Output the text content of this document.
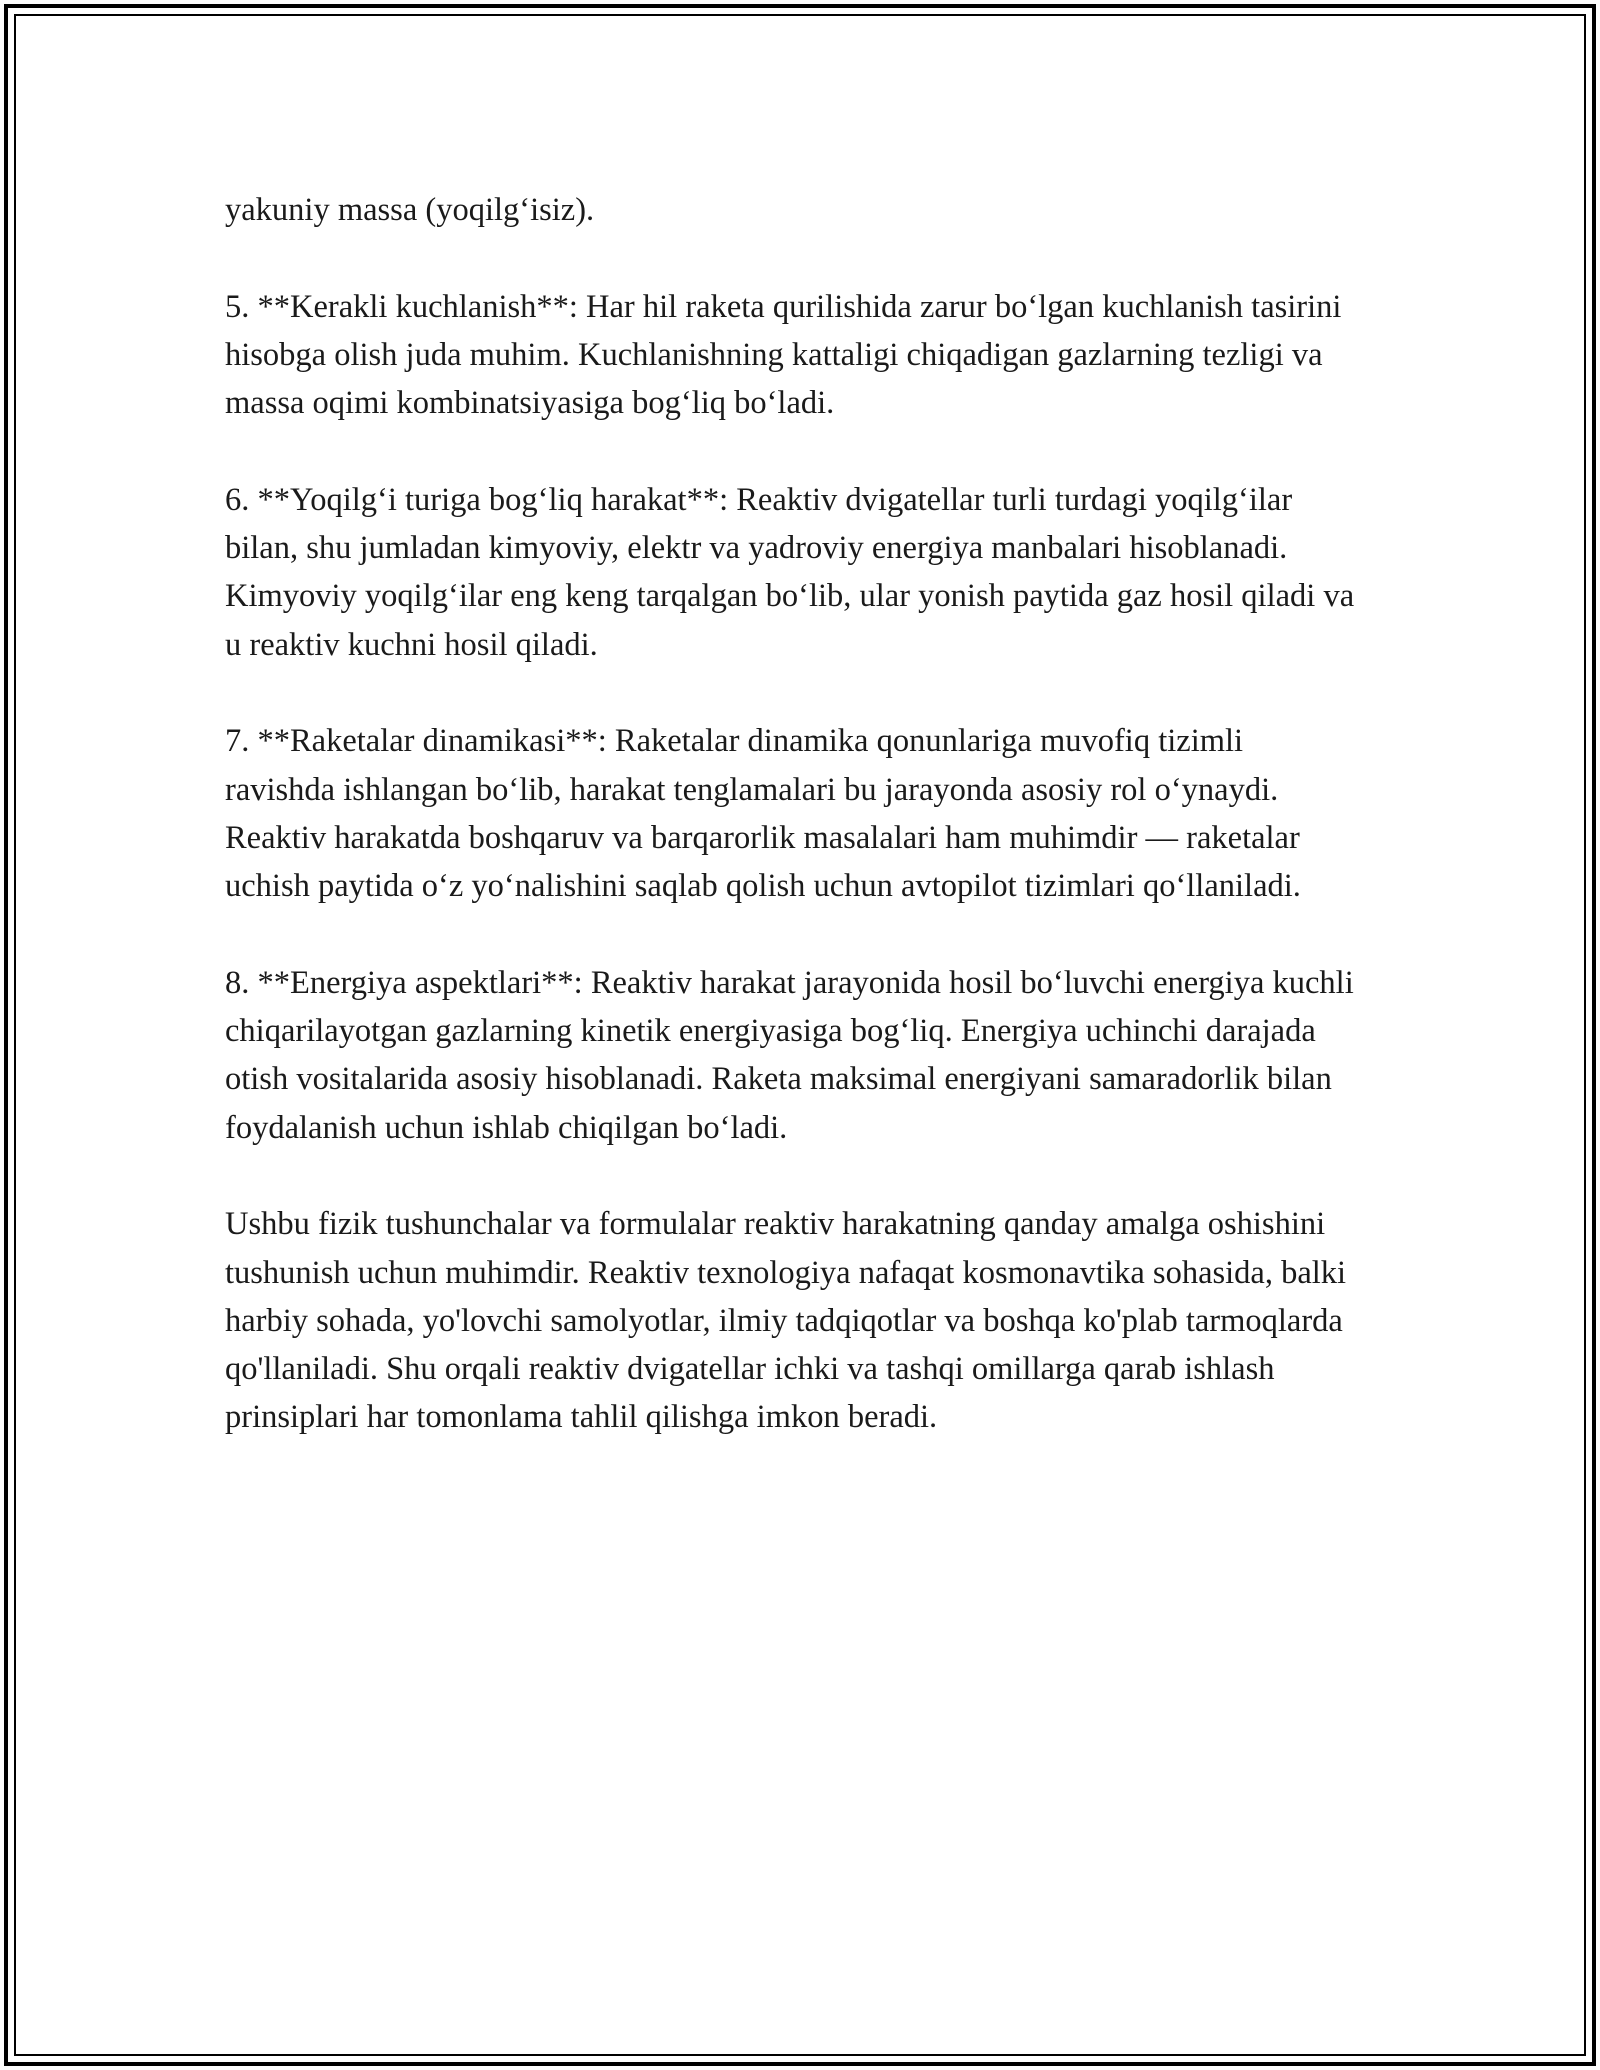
yakuniy massa (yoqilg‘isiz).

5. **Kerakli kuchlanish**: Har hil raketa qurilishida zarur bo‘lgan kuchlanish tasirini hisobga olish juda muhim. Kuchlanishning kattaligi chiqadigan gazlarning tezligi va massa oqimi kombinatsiyasiga bog‘liq bo‘ladi.

6. **Yoqilg‘i turiga bog‘liq harakat**: Reaktiv dvigatellar turli turdagi yoqilg‘ilar bilan, shu jumladan kimyoviy, elektr va yadroviy energiya manbalari hisoblanadi. Kimyoviy yoqilg‘ilar eng keng tarqalgan bo‘lib, ular yonish paytida gaz hosil qiladi va u reaktiv kuchni hosil qiladi.

7. **Raketalar dinamikasi**: Raketalar dinamika qonunlariga muvofiq tizimli ravishda ishlangan bo‘lib, harakat tenglamalari bu jarayonda asosiy rol o‘ynaydi. Reaktiv harakatda boshqaruv va barqarorlik masalalari ham muhimdir — raketalar uchish paytida o‘z yo‘nalishini saqlab qolish uchun avtopilot tizimlari qo‘llaniladi.

8. **Energiya aspektlari**: Reaktiv harakat jarayonida hosil bo‘luvchi energiya kuchli chiqarilayotgan gazlarning kinetik energiyasiga bog‘liq. Energiya uchinchi darajada otish vositalarida asosiy hisoblanadi. Raketa maksimal energiyani samaradorlik bilan foydalanish uchun ishlab chiqilgan bo‘ladi.

Ushbu fizik tushunchalar va formulalar reaktiv harakatning qanday amalga oshishini tushunish uchun muhimdir. Reaktiv texnologiya nafaqat kosmonavtika sohasida, balki harbiy sohada, yo'lovchi samolyotlar, ilmiy tadqiqotlar va boshqa ko'plab tarmoqlarda qo'llaniladi. Shu orqali reaktiv dvigatellar ichki va tashqi omillarga qarab ishlash prinsiplari har tomonlama tahlil qilishga imkon beradi.
